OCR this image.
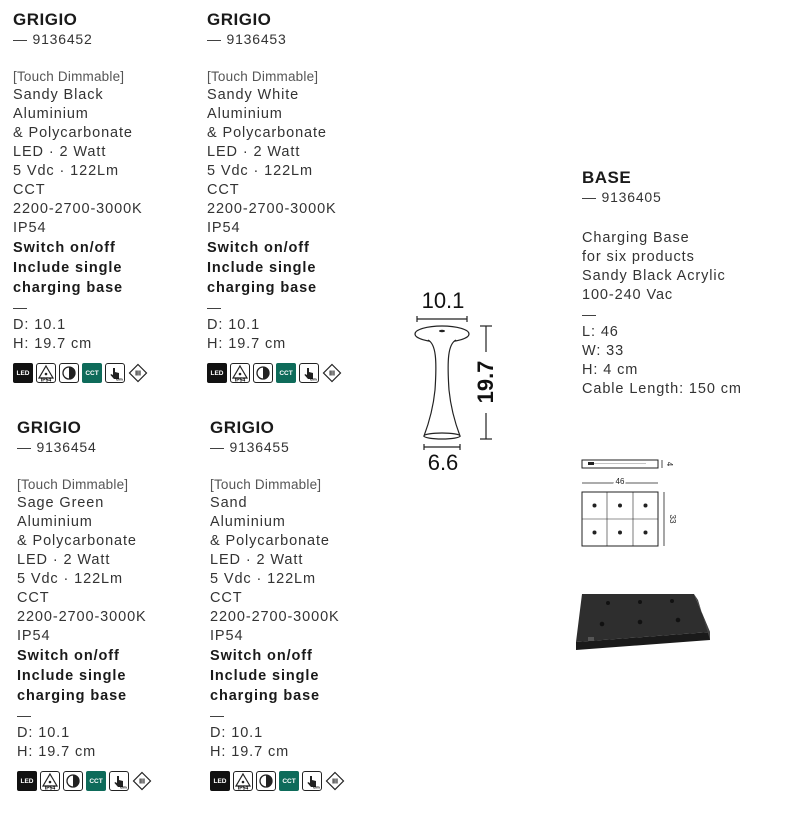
GRIGIO
— 9136452
[Touch Dimmable]
Sandy Black
Aluminium
& Polycarbonate
LED · 2 Watt
5 Vdc · 122Lm
CCT
2200-2700-3000K
IP54
Switch on/off
Include single
charging base
—
D: 10.1
H: 19.7 cm
LED
IP54
CCT
dim
III
GRIGIO
— 9136453
[Touch Dimmable]
Sandy White
Aluminium
& Polycarbonate
LED · 2 Watt
5 Vdc · 122Lm
CCT
2200-2700-3000K
IP54
Switch on/off
Include single
charging base
—
D: 10.1
H: 19.7 cm
LED
IP54
CCT
dim
III
GRIGIO
— 9136454
[Touch Dimmable]
Sage Green
Aluminium
& Polycarbonate
LED · 2 Watt
5 Vdc · 122Lm
CCT
2200-2700-3000K
IP54
Switch on/off
Include single
charging base
—
D: 10.1
H: 19.7 cm
LED
IP54
CCT
dim
III
GRIGIO
— 9136455
[Touch Dimmable]
Sand
Aluminium
& Polycarbonate
LED · 2 Watt
5 Vdc · 122Lm
CCT
2200-2700-3000K
IP54
Switch on/off
Include single
charging base
—
D: 10.1
H: 19.7 cm
LED
IP54
CCT
dim
III
10.1
19.7
6.6
BASE
— 9136405
Charging Base
for six products
Sandy Black Acrylic
100-240 Vac
—
L: 46
W: 33
H: 4 cm
Cable Length: 150 cm
4
46
33
